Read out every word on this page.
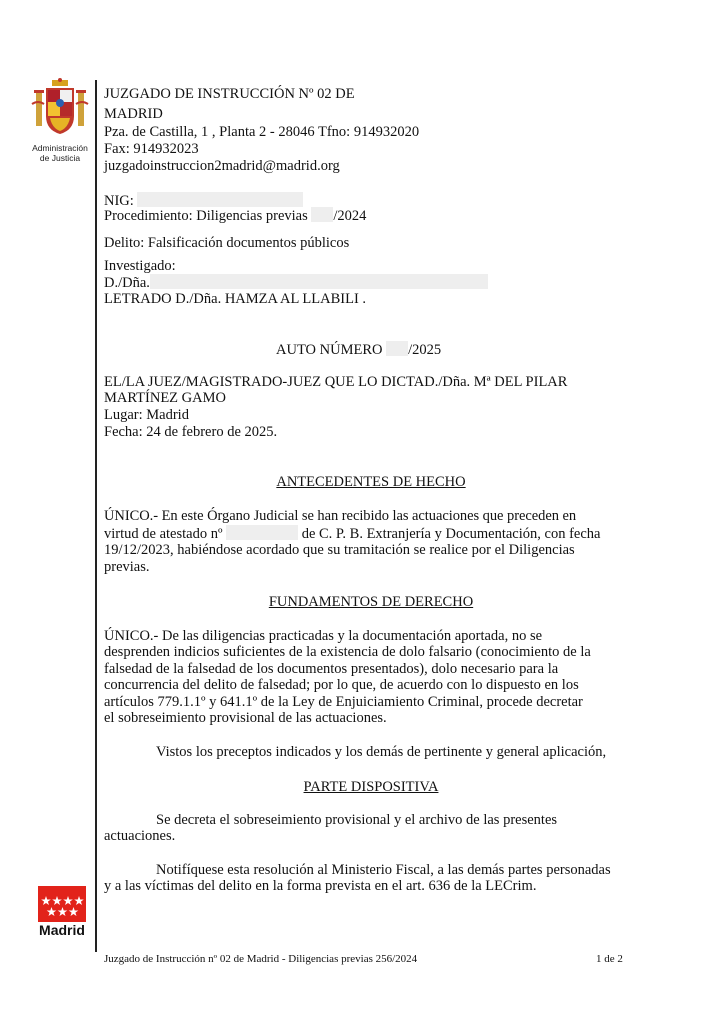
Administración
de Justicia
Madrid
JUZGADO DE INSTRUCCIÓN Nº 02 DE
MADRID
Pza. de Castilla, 1 , Planta 2 - 28046 Tfno: 914932020
Fax: 914932023
juzgadoinstruccion2madrid@madrid.org
NIG:
Procedimiento: Diligencias previas /2024
Delito: Falsificación documentos públicos
Investigado:
D./Dña.
LETRADO D./Dña. HAMZA AL LLABILI .
AUTO NÚMERO /2025
EL/LA JUEZ/MAGISTRADO-JUEZ QUE LO DICTAD./Dña. Mª DEL PILAR
MARTÍNEZ GAMO
Lugar: Madrid
Fecha: 24 de febrero de 2025.
ANTECEDENTES DE HECHO
ÚNICO.- En este Órgano Judicial se han recibido las actuaciones que preceden en
virtud de atestado nº	de C. P. B. Extranjería y Documentación, con fecha
19/12/2023, habiéndose acordado que su tramitación se realice por el Diligencias
previas.
FUNDAMENTOS DE DERECHO
ÚNICO.- De las diligencias practicadas y la documentación aportada, no se
desprenden indicios suficientes de la existencia de dolo falsario (conocimiento de la
falsedad de la falsedad de los documentos presentados), dolo necesario para la
concurrencia del delito de falsedad; por lo que, de acuerdo con lo dispuesto en los
artículos 779.1.1º y 641.1º de la Ley de Enjuiciamiento Criminal, procede decretar
el sobreseimiento provisional de las actuaciones.
Vistos los preceptos indicados y los demás de pertinente y general aplicación,
PARTE DISPOSITIVA
Se decreta el sobreseimiento provisional y el archivo de las presentes
actuaciones.
Notifíquese esta resolución al Ministerio Fiscal, a las demás partes personadas
y a las víctimas del delito en la forma prevista en el art. 636 de la LECrim.
Juzgado de Instrucción nº 02 de Madrid - Diligencias previas 256/2024	1 de 2
